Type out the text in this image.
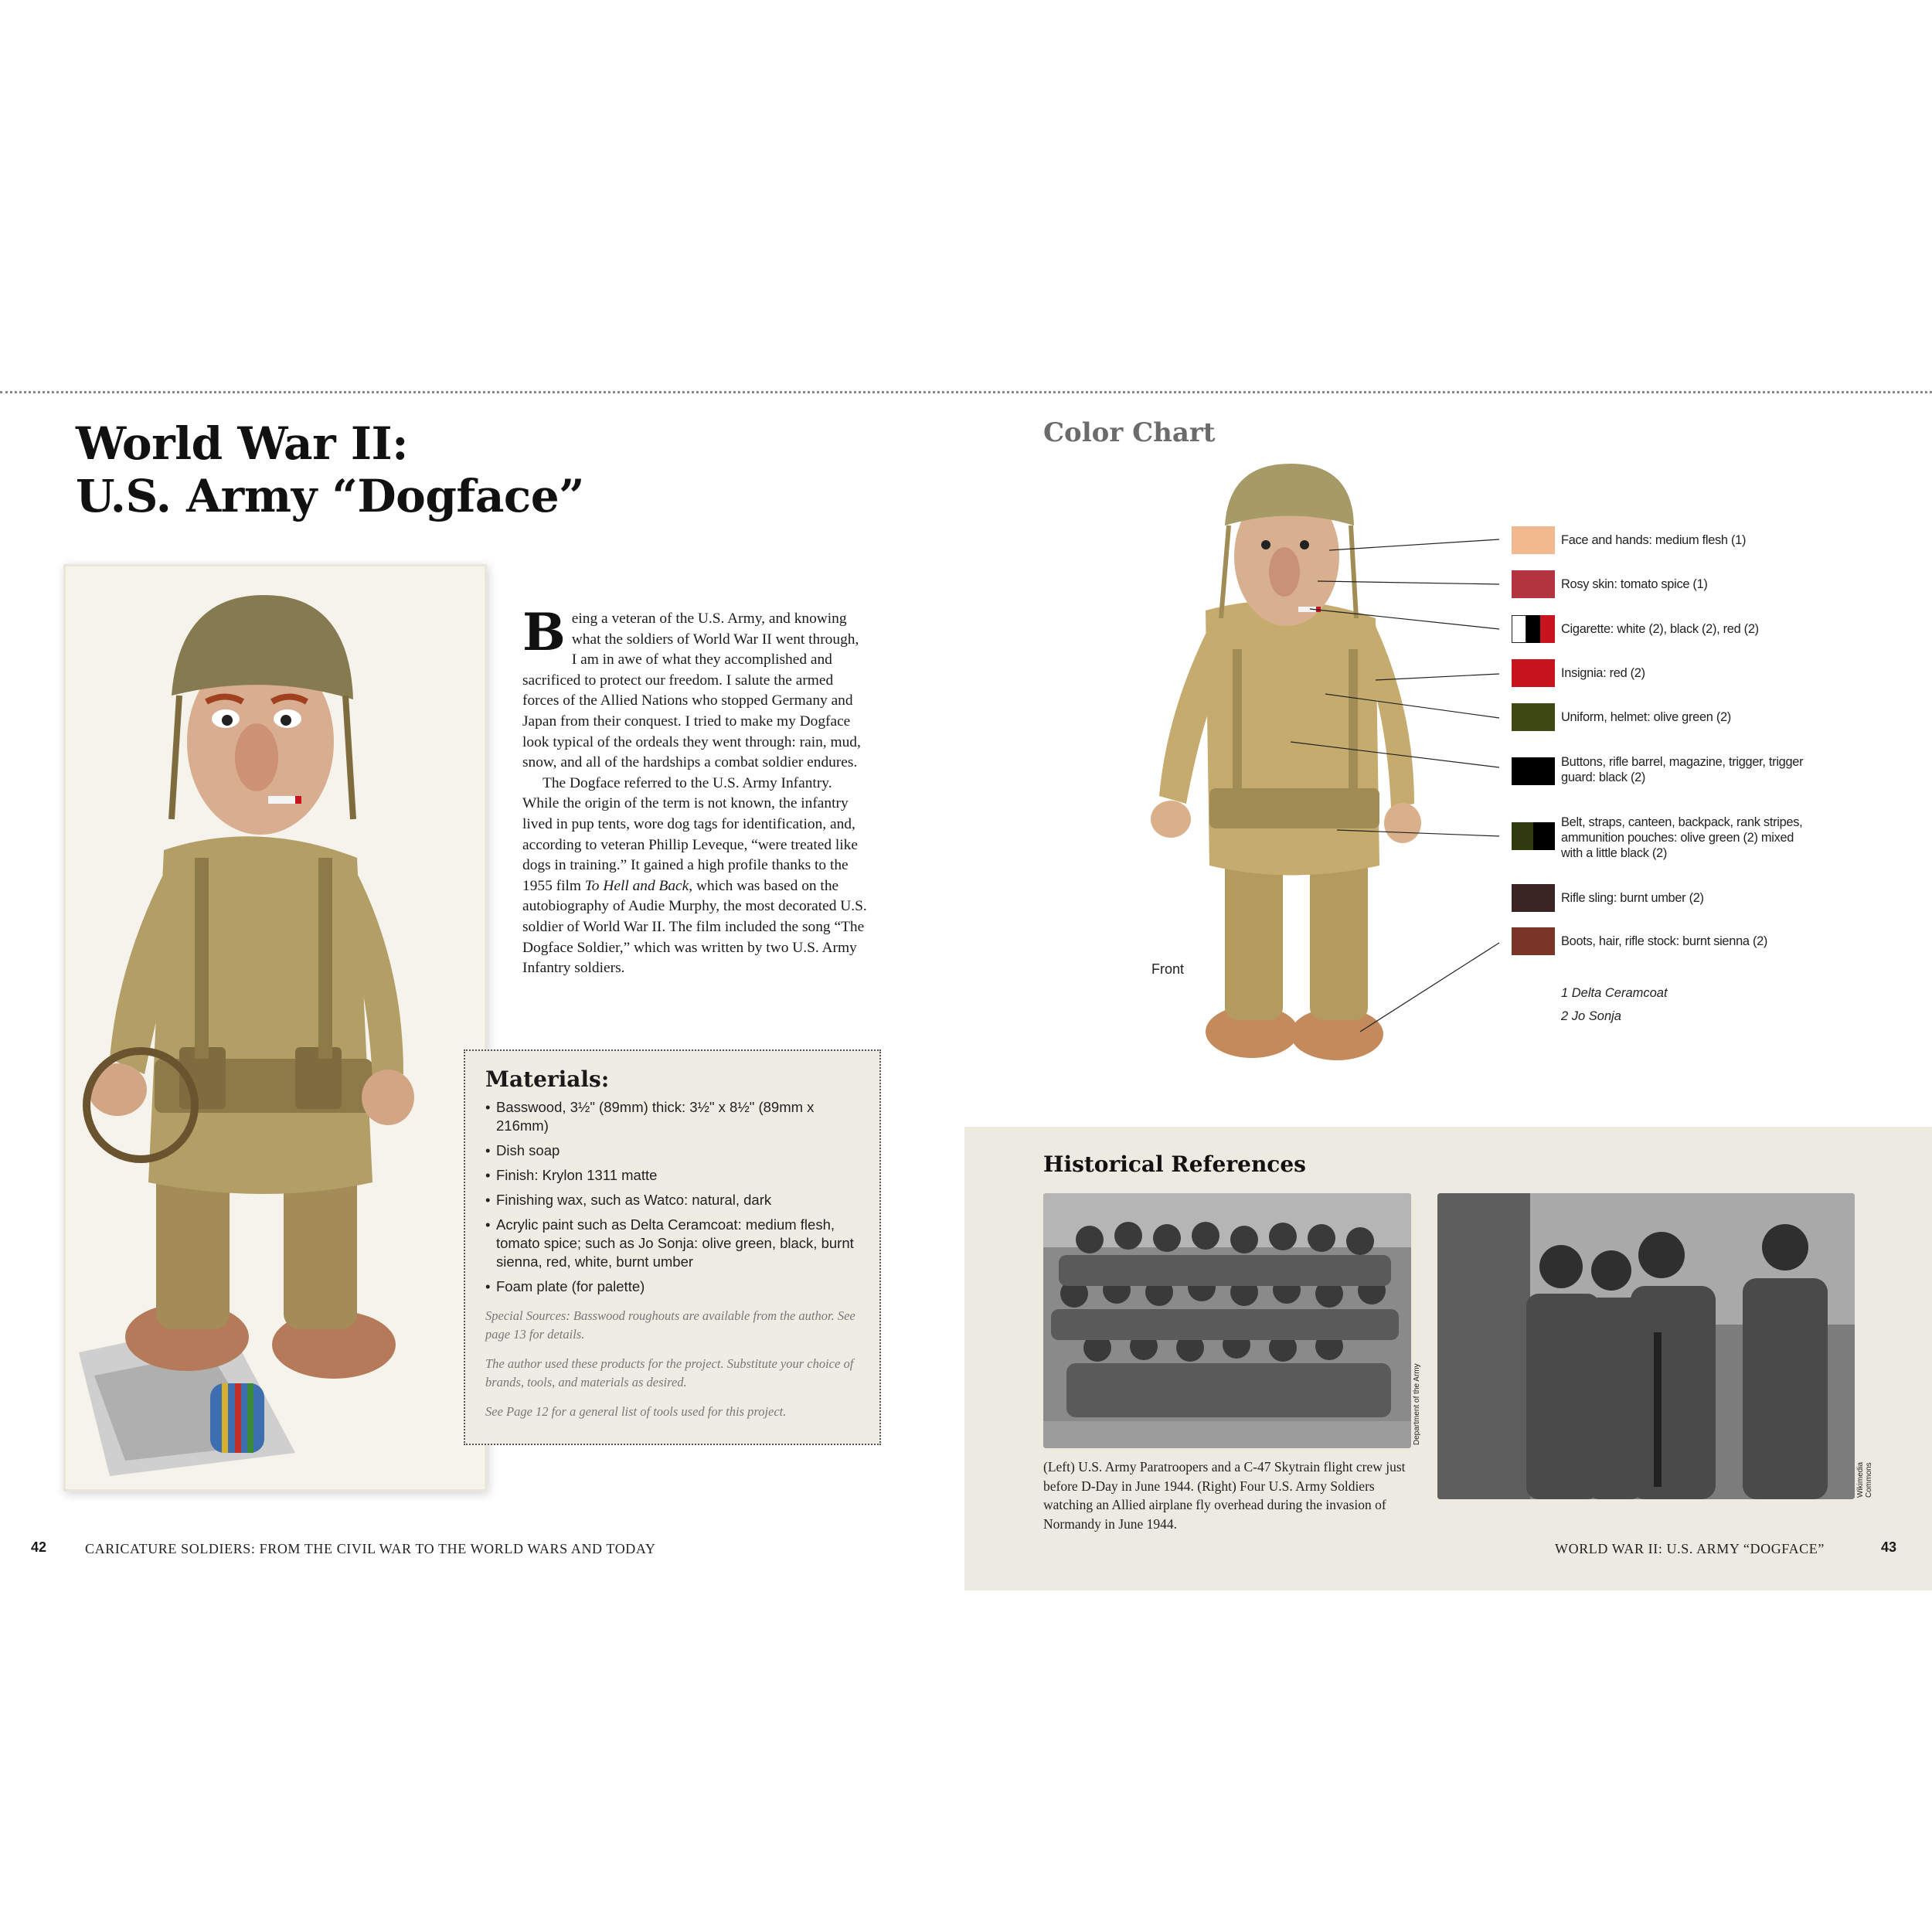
World War II:
U.S. Army “Dogface”

Being a veteran of the U.S. Army, and knowing what the soldiers of World War II went through, I am in awe of what they accomplished and sacrificed to protect our freedom. I salute the armed forces of the Allied Nations who stopped Germany and Japan from their conquest. I tried to make my Dogface look typical of the ordeals they went through: rain, mud, snow, and all of the hardships a combat soldier endures.

The Dogface referred to the U.S. Army Infantry. While the origin of the term is not known, the infantry lived in pup tents, wore dog tags for identification, and, according to veteran Phillip Leveque, “were treated like dogs in training.” It gained a high profile thanks to the 1955 film To Hell and Back, which was based on the autobiography of Audie Murphy, the most decorated U.S. soldier of World War II. The film included the song “The Dogface Soldier,” which was written by two U.S. Army Infantry soldiers.

Materials:
• Basswood, 3½" (89mm) thick: 3½" x 8½" (89mm x 216mm)
• Dish soap
• Finish: Krylon 1311 matte
• Finishing wax, such as Watco: natural, dark
• Acrylic paint such as Delta Ceramcoat: medium flesh, tomato spice; such as Jo Sonja: olive green, black, burnt sienna, red, white, burnt umber
• Foam plate (for palette)
Special Sources: Basswood roughouts are available from the author. See page 13 for details.
The author used these products for the project. Substitute your choice of brands, tools, and materials as desired.
See Page 12 for a general list of tools used for this project.
42	CARICATURE SOLDIERS: FROM THE CIVIL WAR TO THE WORLD WARS AND TODAY
Color Chart
Front
Face and hands: medium flesh (1)
Rosy skin: tomato spice (1)
Cigarette: white (2), black (2), red (2)
Insignia: red (2)
Uniform, helmet: olive green (2)
Buttons, rifle barrel, magazine, trigger, trigger guard: black (2)
Belt, straps, canteen, backpack, rank stripes, ammunition pouches: olive green (2) mixed with a little black (2)
Rifle sling: burnt umber (2)
Boots, hair, rifle stock: burnt sienna (2)
1 Delta Ceramcoat
2 Jo Sonja
Historical References
Department of the Army
Wikimedia Commons
(Left) U.S. Army Paratroopers and a C-47 Skytrain flight crew just before D-Day in June 1944. (Right) Four U.S. Army Soldiers watching an Allied airplane fly overhead during the invasion of Normandy in June 1944.
WORLD WAR II: U.S. ARMY “DOGFACE”	43
